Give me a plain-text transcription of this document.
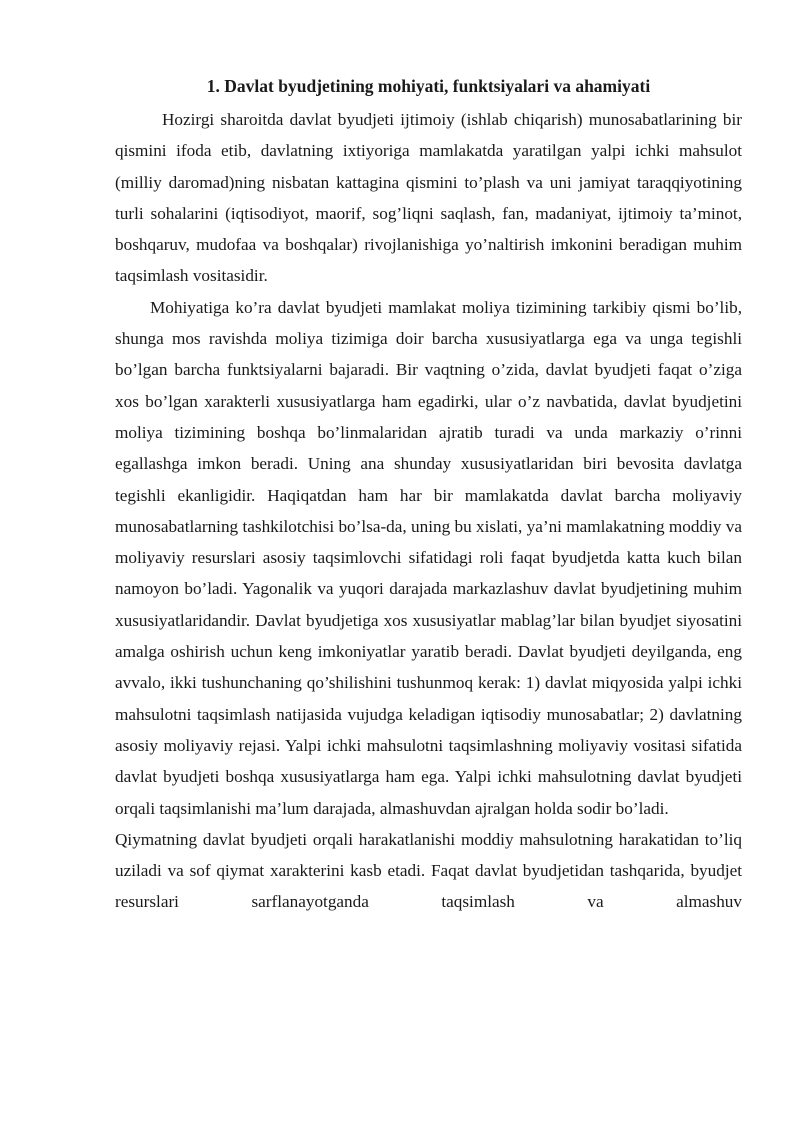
1. Davlat byudjetining mohiyati, funktsiyalari va ahamiyati

Hozirgi sharoitda davlat byudjeti ijtimoiy (ishlab chiqarish) munosabatlarining bir qismini ifoda etib, davlatning ixtiyoriga mamlakatda yaratilgan yalpi ichki mahsulot (milliy daromad)ning nisbatan kattagina qismini to’plash va uni jamiyat taraqqiyotining turli sohalarini (iqtisodiyot, maorif, sog’liqni saqlash, fan, madaniyat, ijtimoiy ta’minot, boshqaruv, mudofaa va boshqalar) rivojlanishiga yo’naltirish imkonini beradigan muhim taqsimlash vositasidir.

Mohiyatiga ko’ra davlat byudjeti mamlakat moliya tizimining tarkibiy qismi bo’lib, shunga mos ravishda moliya tizimiga doir barcha xususiyatlarga ega va unga tegishli bo’lgan barcha funktsiyalarni bajaradi. Bir vaqtning o’zida, davlat byudjeti faqat o’ziga xos bo’lgan xarakterli xususiyatlarga ham egadirki, ular o’z navbatida, davlat byudjetini moliya tizimining boshqa bo’linmalaridan ajratib turadi va unda markaziy o’rinni egallashga imkon beradi. Uning ana shunday xususiyatlaridan biri bevosita davlatga tegishli ekanligidir. Haqiqatdan ham har bir mamlakatda davlat barcha moliyaviy munosabatlarning tashkilotchisi bo’lsa-da, uning bu xislati, ya’ni mamlakatning moddiy va moliyaviy resurslari asosiy taqsimlovchi sifatidagi roli faqat byudjetda katta kuch bilan namoyon bo’ladi. Yagonalik va yuqori darajada markazlashuv davlat byudjetining muhim xususiyatlaridandir. Davlat byudjetiga xos xususiyatlar mablag’lar bilan byudjet siyosatini amalga oshirish uchun keng imkoniyatlar yaratib beradi. Davlat byudjeti deyilganda, eng avvalo, ikki tushunchaning qo’shilishini tushunmoq kerak: 1) davlat miqyosida yalpi ichki mahsulotni taqsimlash natijasida vujudga keladigan iqtisodiy munosabatlar; 2) davlatning asosiy moliyaviy rejasi. Yalpi ichki mahsulotni taqsimlashning moliyaviy vositasi sifatida davlat byudjeti boshqa xususiyatlarga ham ega. Yalpi ichki mahsulotning davlat byudjeti orqali taqsimlanishi ma’lum darajada, almashuvdan ajralgan holda sodir bo’ladi.

Qiymatning davlat byudjeti orqali harakatlanishi moddiy mahsulotning harakatidan to’liq uziladi va sof qiymat xarakterini kasb etadi. Faqat davlat byudjetidan tashqarida, byudjet resurslari sarflanayotganda taqsimlash va almashuv
